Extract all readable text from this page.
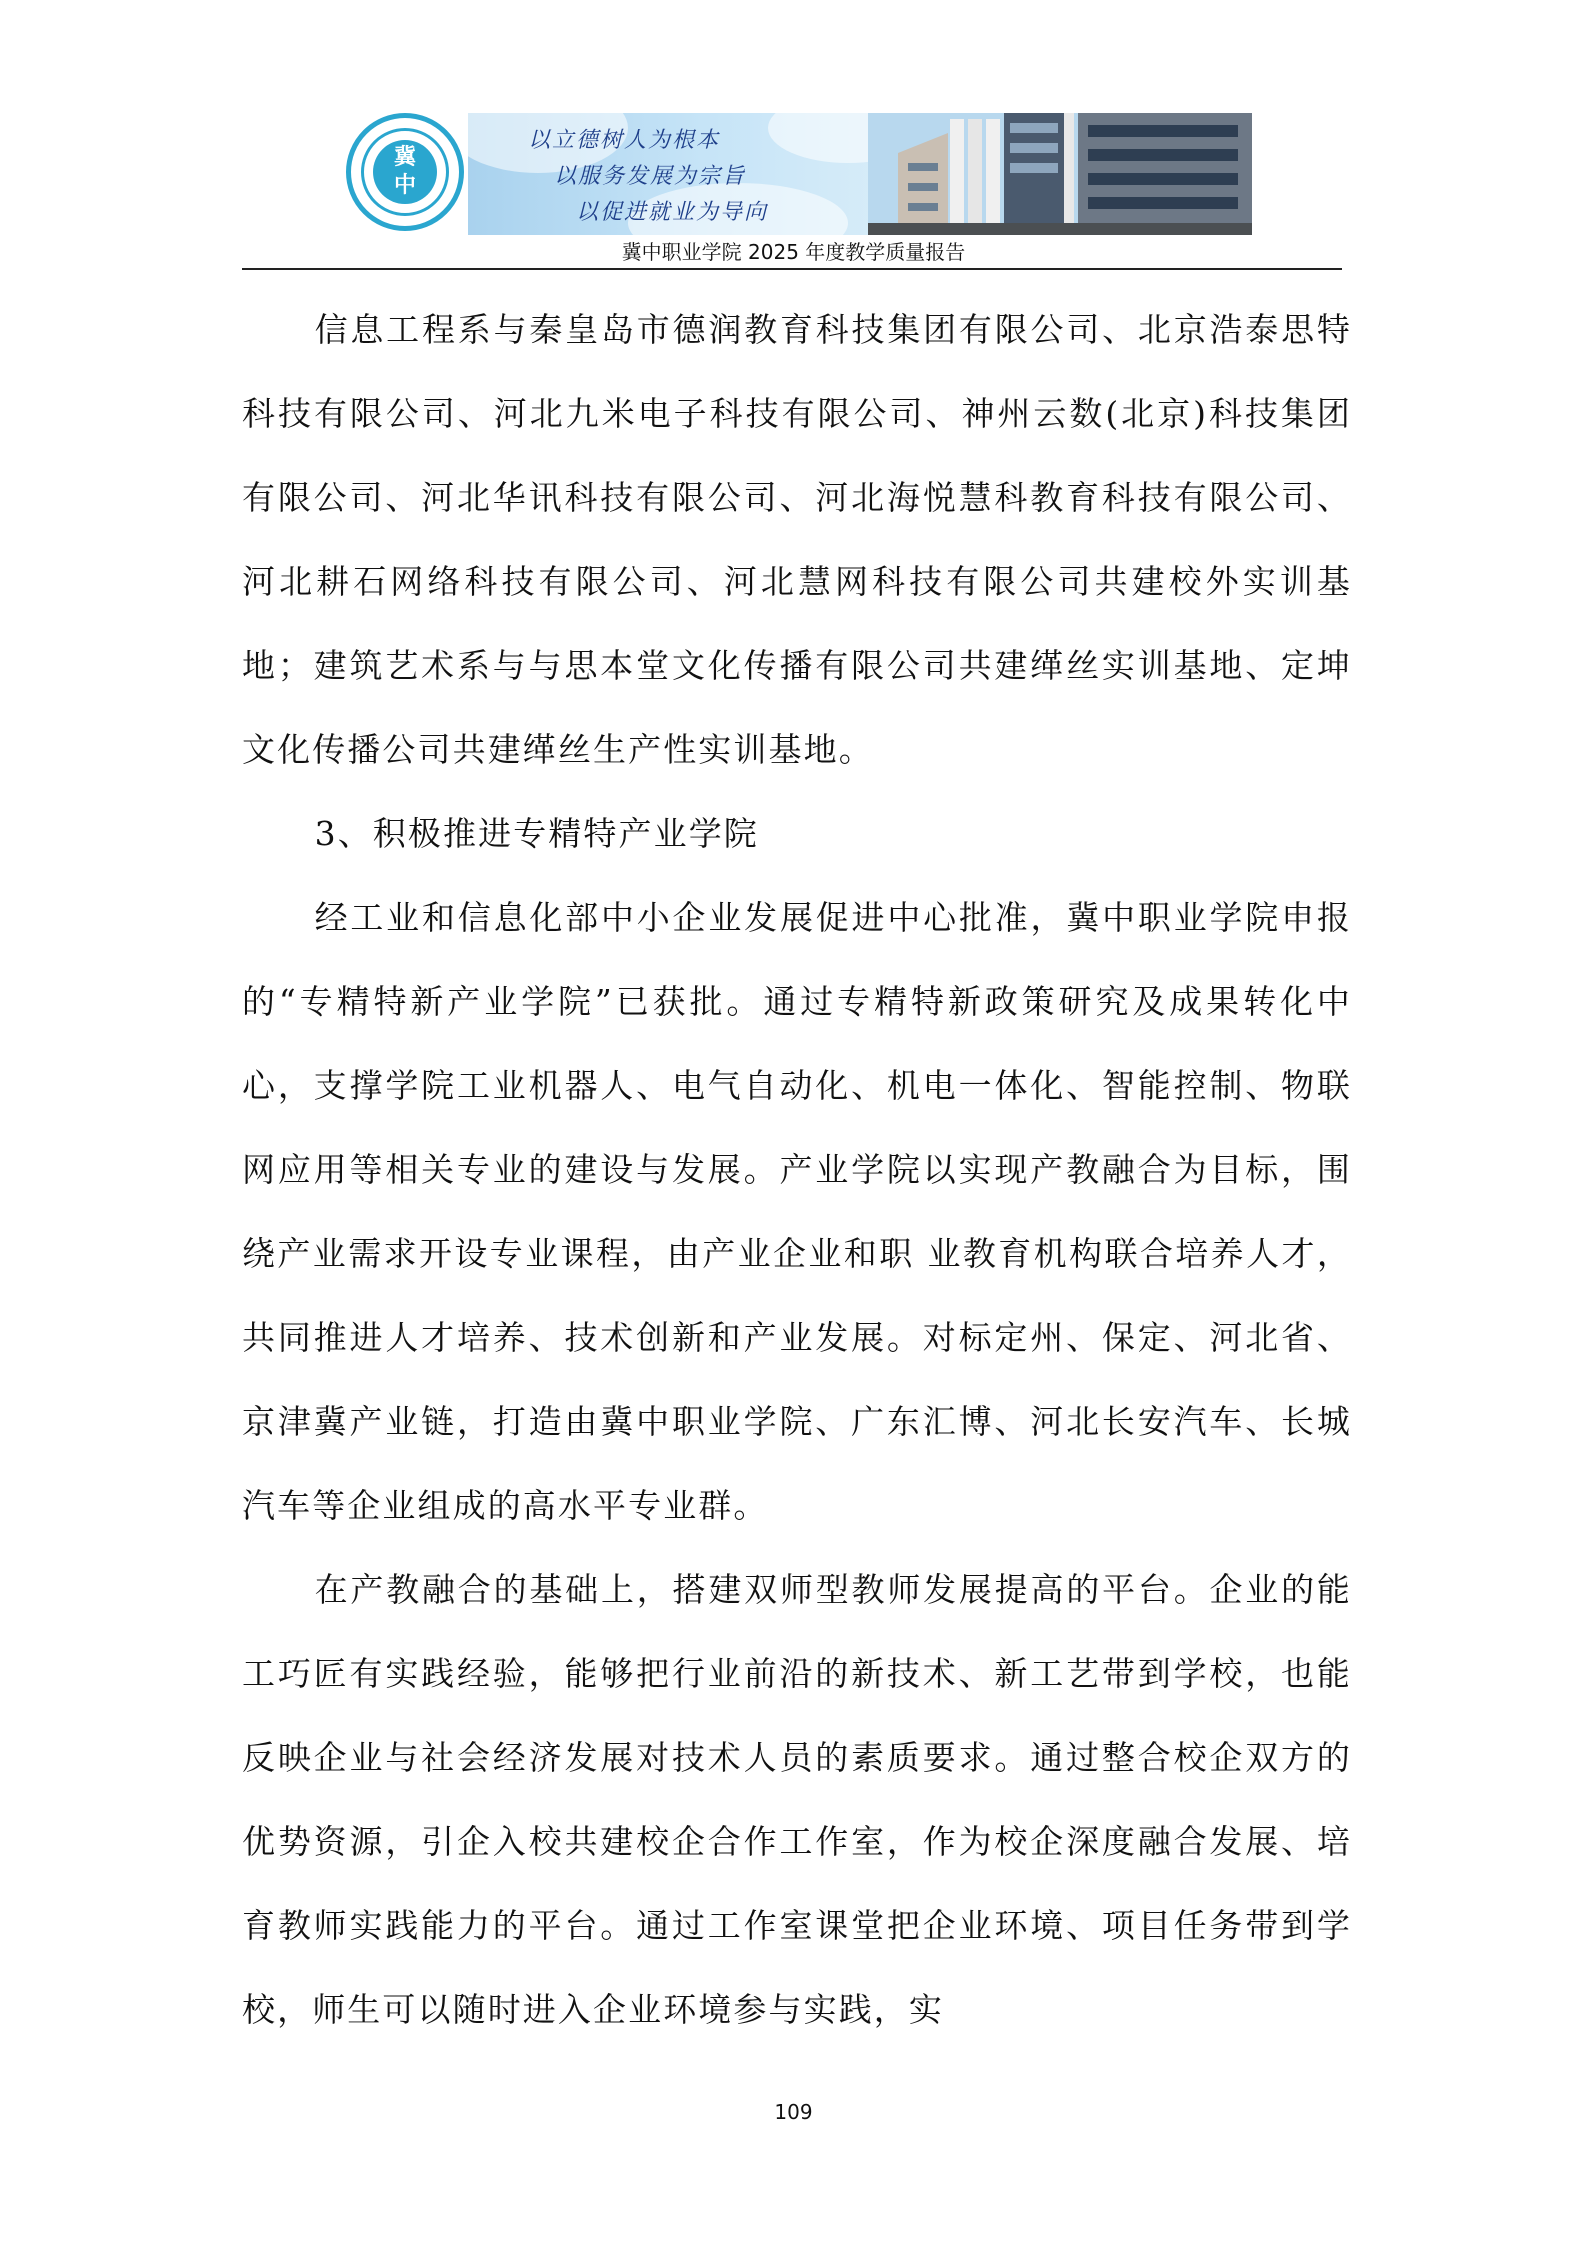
冀
中
以立德树人为根本
以服务发展为宗旨
以促进就业为导向
冀中职业学院 2025 年度教学质量报告

信息工程系与秦皇岛市德润教育科技集团有限公司、北京浩泰思特科技有限公司、河北九米电子科技有限公司、神州云数(北京)科技集团有限公司、河北华讯科技有限公司、河北海悦慧科教育科技有限公司、河北耕石网络科技有限公司、河北慧网科技有限公司共建校外实训基地；建筑艺术系与与思本堂文化传播有限公司共建缂丝实训基地、定坤文化传播公司共建缂丝生产性实训基地。

3、积极推进专精特产业学院

经工业和信息化部中小企业发展促进中心批准，冀中职业学院申报的“专精特新产业学院”已获批。通过专精特新政策研究及成果转化中心，支撑学院工业机器人、电气自动化、机电一体化、智能控制、物联网应用等相关专业的建设与发展。产业学院以实现产教融合为目标，围绕产业需求开设专业课程，由产业企业和职 业教育机构联合培养人才，共同推进人才培养、技术创新和产业发展。对标定州、保定、河北省、京津冀产业链，打造由冀中职业学院、广东汇博、河北长安汽车、长城汽车等企业组成的高水平专业群。

在产教融合的基础上，搭建双师型教师发展提高的平台。企业的能工巧匠有实践经验，能够把行业前沿的新技术、新工艺带到学校，也能反映企业与社会经济发展对技术人员的素质要求。通过整合校企双方的优势资源，引企入校共建校企合作工作室，作为校企深度融合发展、培育教师实践能力的平台。通过工作室课堂把企业环境、项目任务带到学校，师生可以随时进入企业环境参与实践，实

109
